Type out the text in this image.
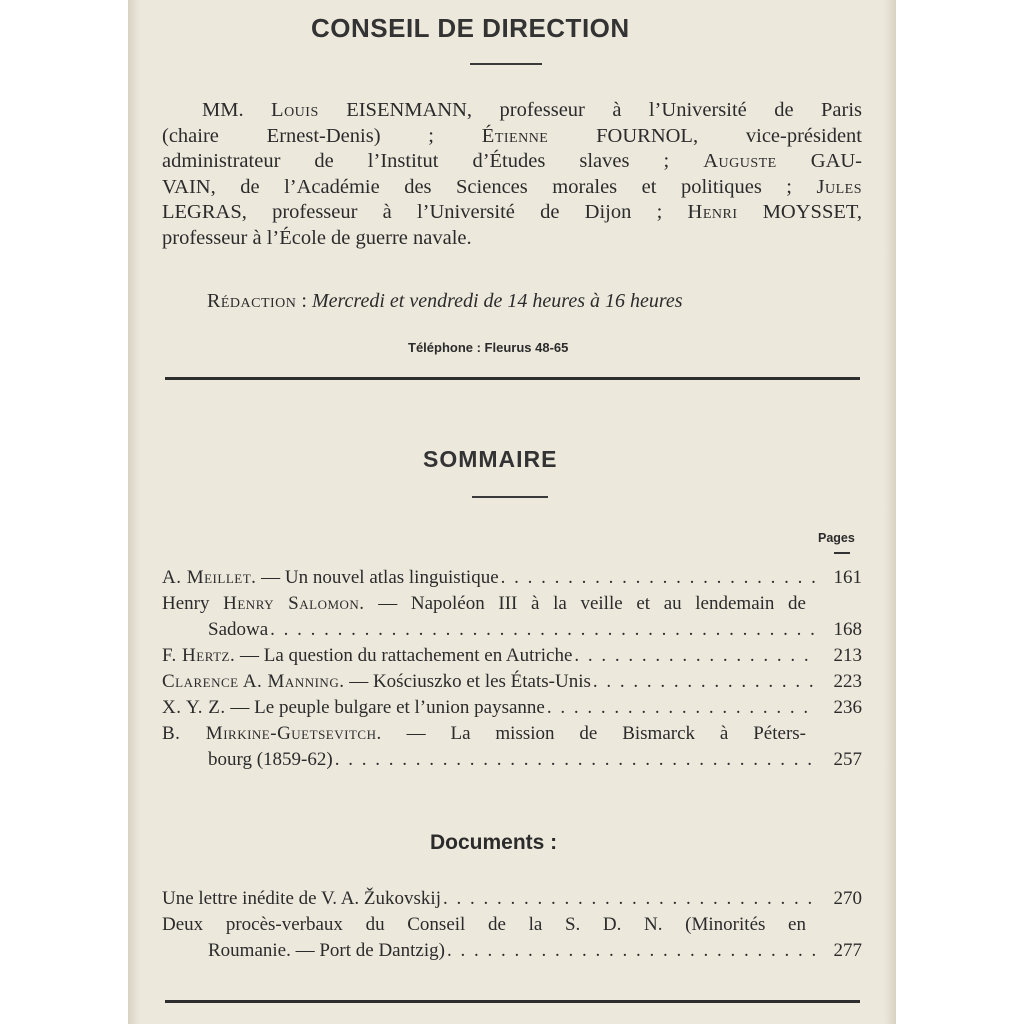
CONSEIL DE DIRECTION
MM. Louis EISENMANN, professeur à l’Université de Paris
(chaire Ernest-Denis) ; Étienne FOURNOL, vice-président
administrateur de l’Institut d’Études slaves ; Auguste GAU-
VAIN, de l’Académie des Sciences morales et politiques ; Jules
LEGRAS, professeur à l’Université de Dijon ; Henri MOYSSET,
professeur à l’École de guerre navale.
Rédaction : Mercredi et vendredi de 14 heures à 16 heures
Téléphone : Fleurus 48-65
SOMMAIRE
Pages
A. Meillet. — Un nouvel atlas linguistique . . .	161
Henry Henry Salomon. — Napoléon III à la veille et au lendemain de
Sadowa . . .	168
F. Hertz. — La question du rattachement en Autriche . . .	213
Clarence A. Manning. — Kościuszko et les États-Unis . . .	223
X. Y. Z. — Le peuple bulgare et l’union paysanne . . .	236
B. Mirkine-Guetsevitch. — La mission de Bismarck à Péters-
bourg (1859-62) . . .	257
Documents :
Une lettre inédite de V. A. Žukovskij . . .	270
Deux procès-verbaux du Conseil de la S. D. N. (Minorités en
Roumanie. — Port de Dantzig) . . .	277
